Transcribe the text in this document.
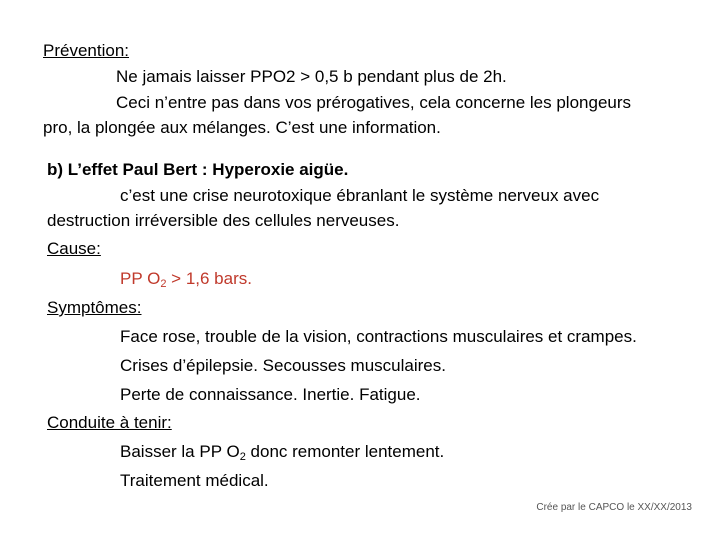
Prévention:
Ne jamais laisser PPO2 > 0,5 b pendant plus de 2h.
Ceci n’entre pas dans vos prérogatives, cela concerne les plongeurs
pro, la plongée aux mélanges. C’est une information.
b) L’effet Paul Bert : Hyperoxie aigüe.
c’est une crise neurotoxique ébranlant le système nerveux avec
destruction irréversible des cellules nerveuses.
Cause:
PP $O_2 > 1,6$ bars.
Symptômes:
Face rose, trouble de la vision, contractions musculaires et crampes.
Crises d’épilepsie. Secousses musculaires.
Perte de connaissance. Inertie. Fatigue.
Conduite à tenir:
Baisser la PP $O_2$ donc remonter lentement.
Traitement médical.
Crée par le CAPCO le XX/XX/2013
